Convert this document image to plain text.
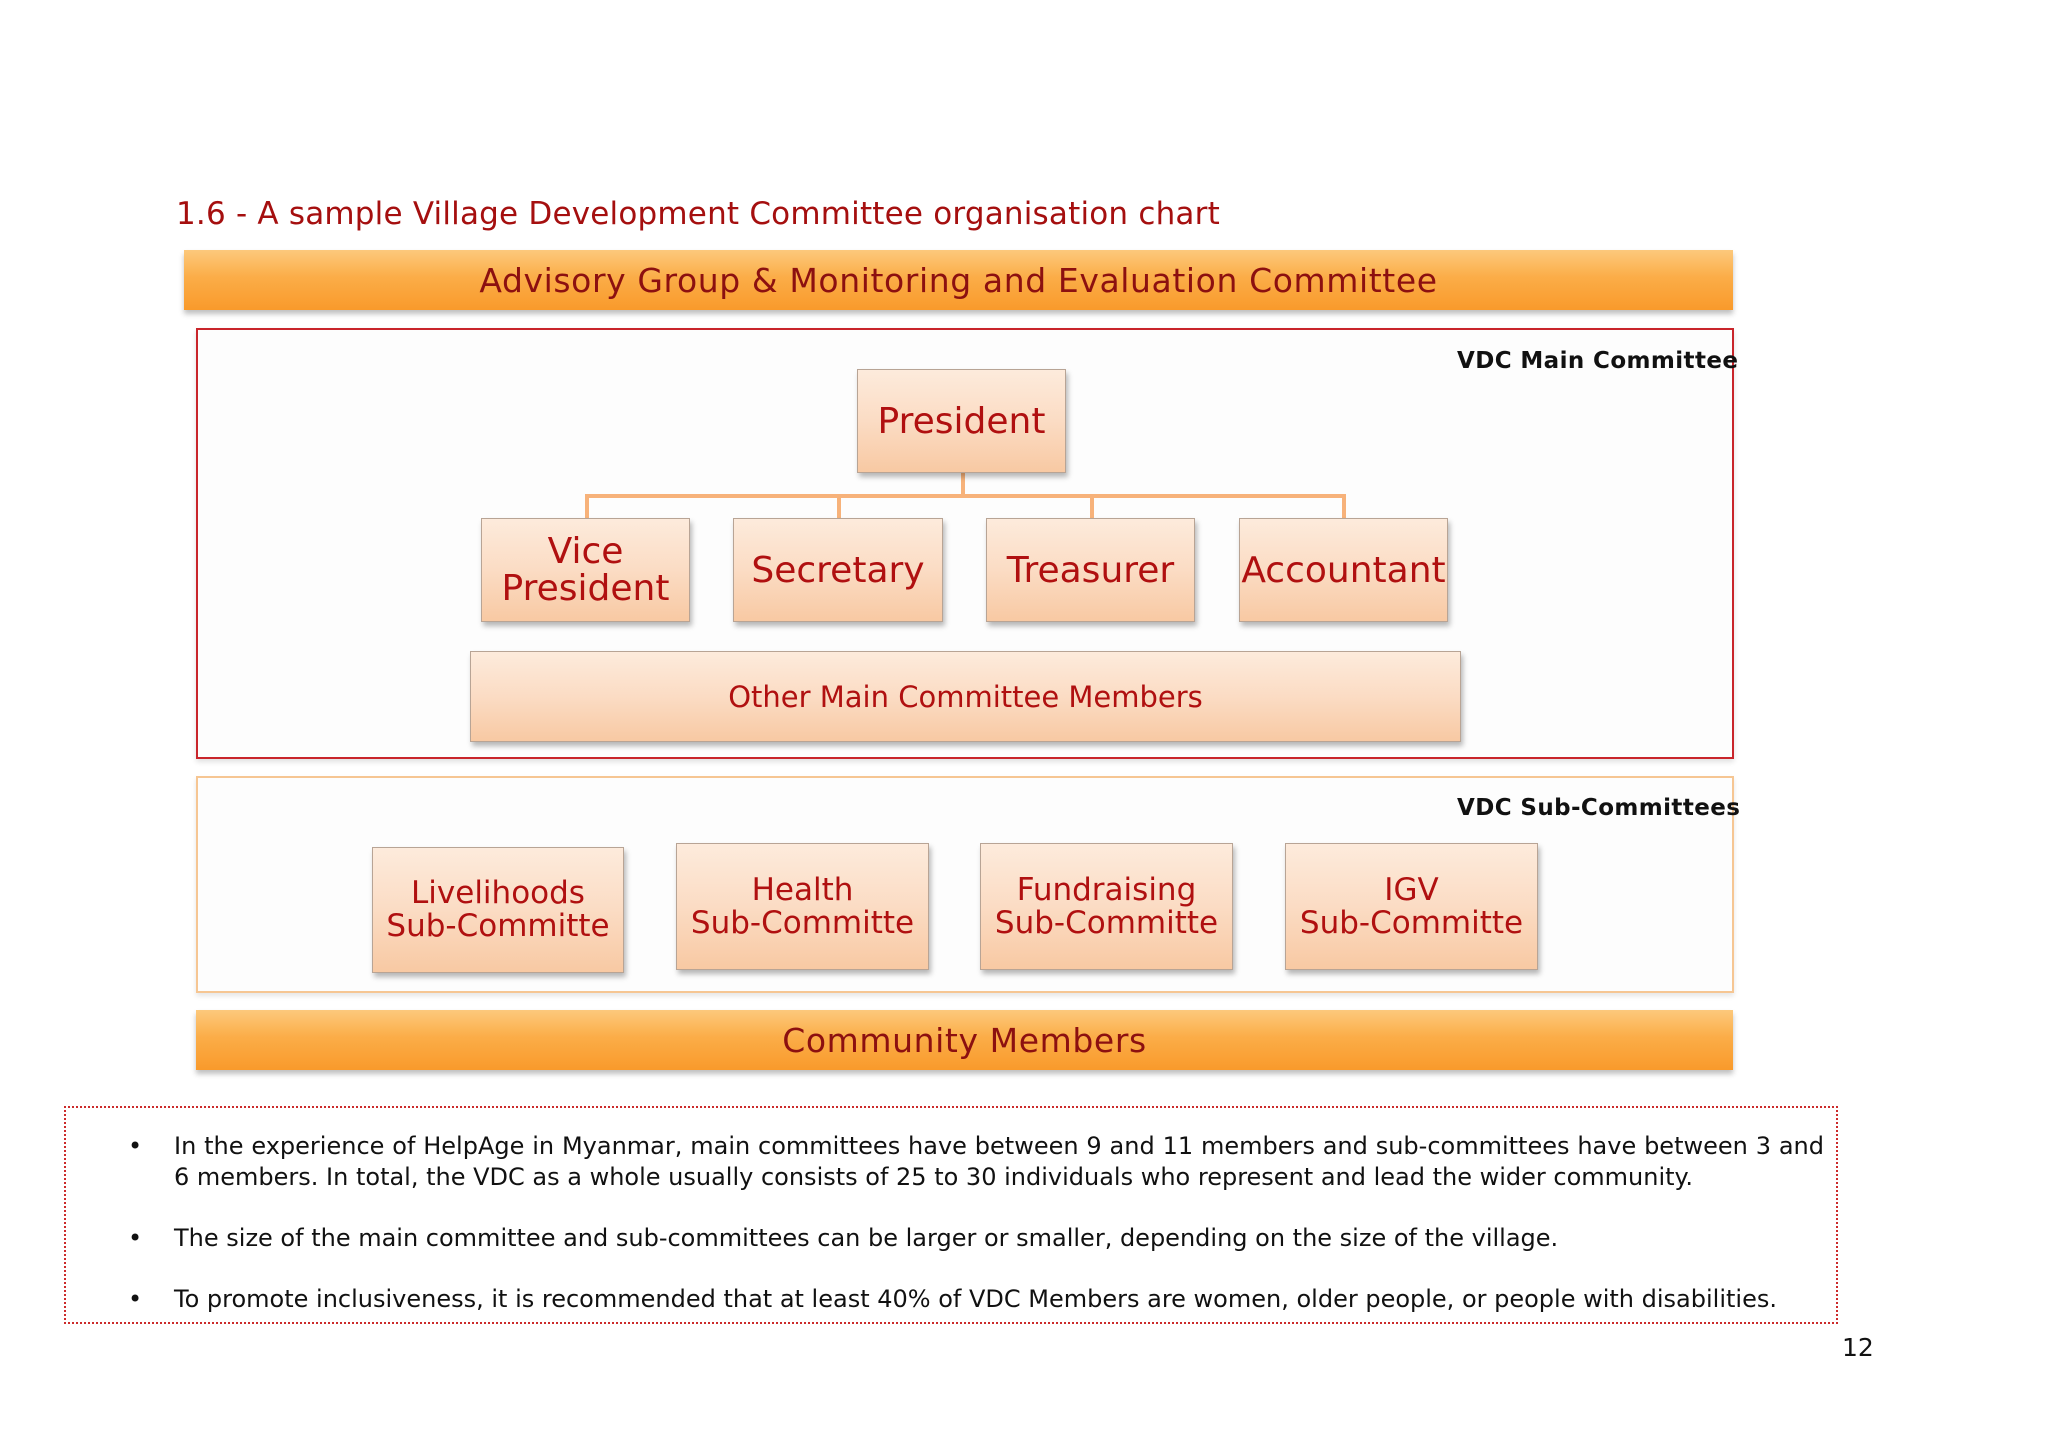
1.6 - A sample Village Development Committee organisation chart
Advisory Group & Monitoring and Evaluation Committee
VDC Main Committee
President
Vice
President Secretary Treasurer Accountant
Other Main Committee Members
VDC Sub-Committees
Livelihoods
Sub-Committe
Health
Sub-Committe
Fundraising
Sub-Committe
IGV
Sub-Committe
Community Members
• In the experience of HelpAge in Myanmar, main committees have between 9 and 11 members and sub-committees have between 3 and 6 members. In total, the VDC as a whole usually consists of 25 to 30 individuals who represent and lead the wider community.
• The size of the main committee and sub-committees can be larger or smaller, depending on the size of the village.
• To promote inclusiveness, it is recommended that at least 40% of VDC Members are women, older people, or people with disabilities.
12
